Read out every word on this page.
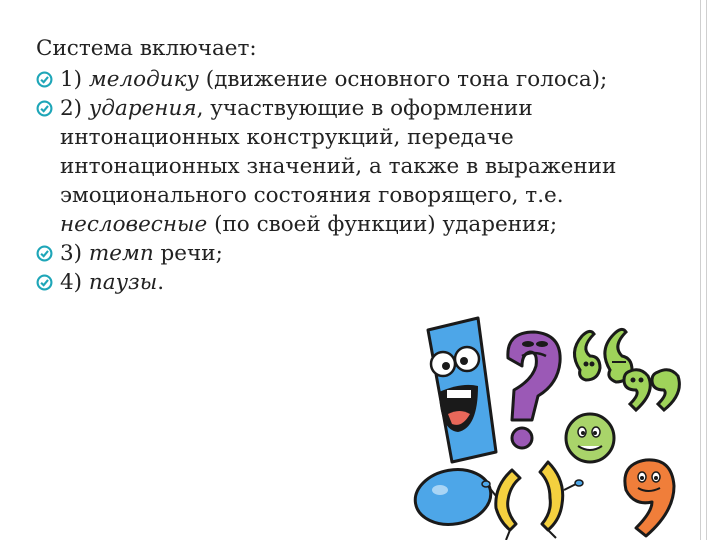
Система включает:

1) мелодику (движение основного тона голоса);

2) ударения, участвующие в оформлении интонационных конструкций, передаче интонационных значений, а также в выражении эмоционального состояния говорящего, т.е. несловесные (по своей функции) ударения;

3) темп речи;

4) паузы.
